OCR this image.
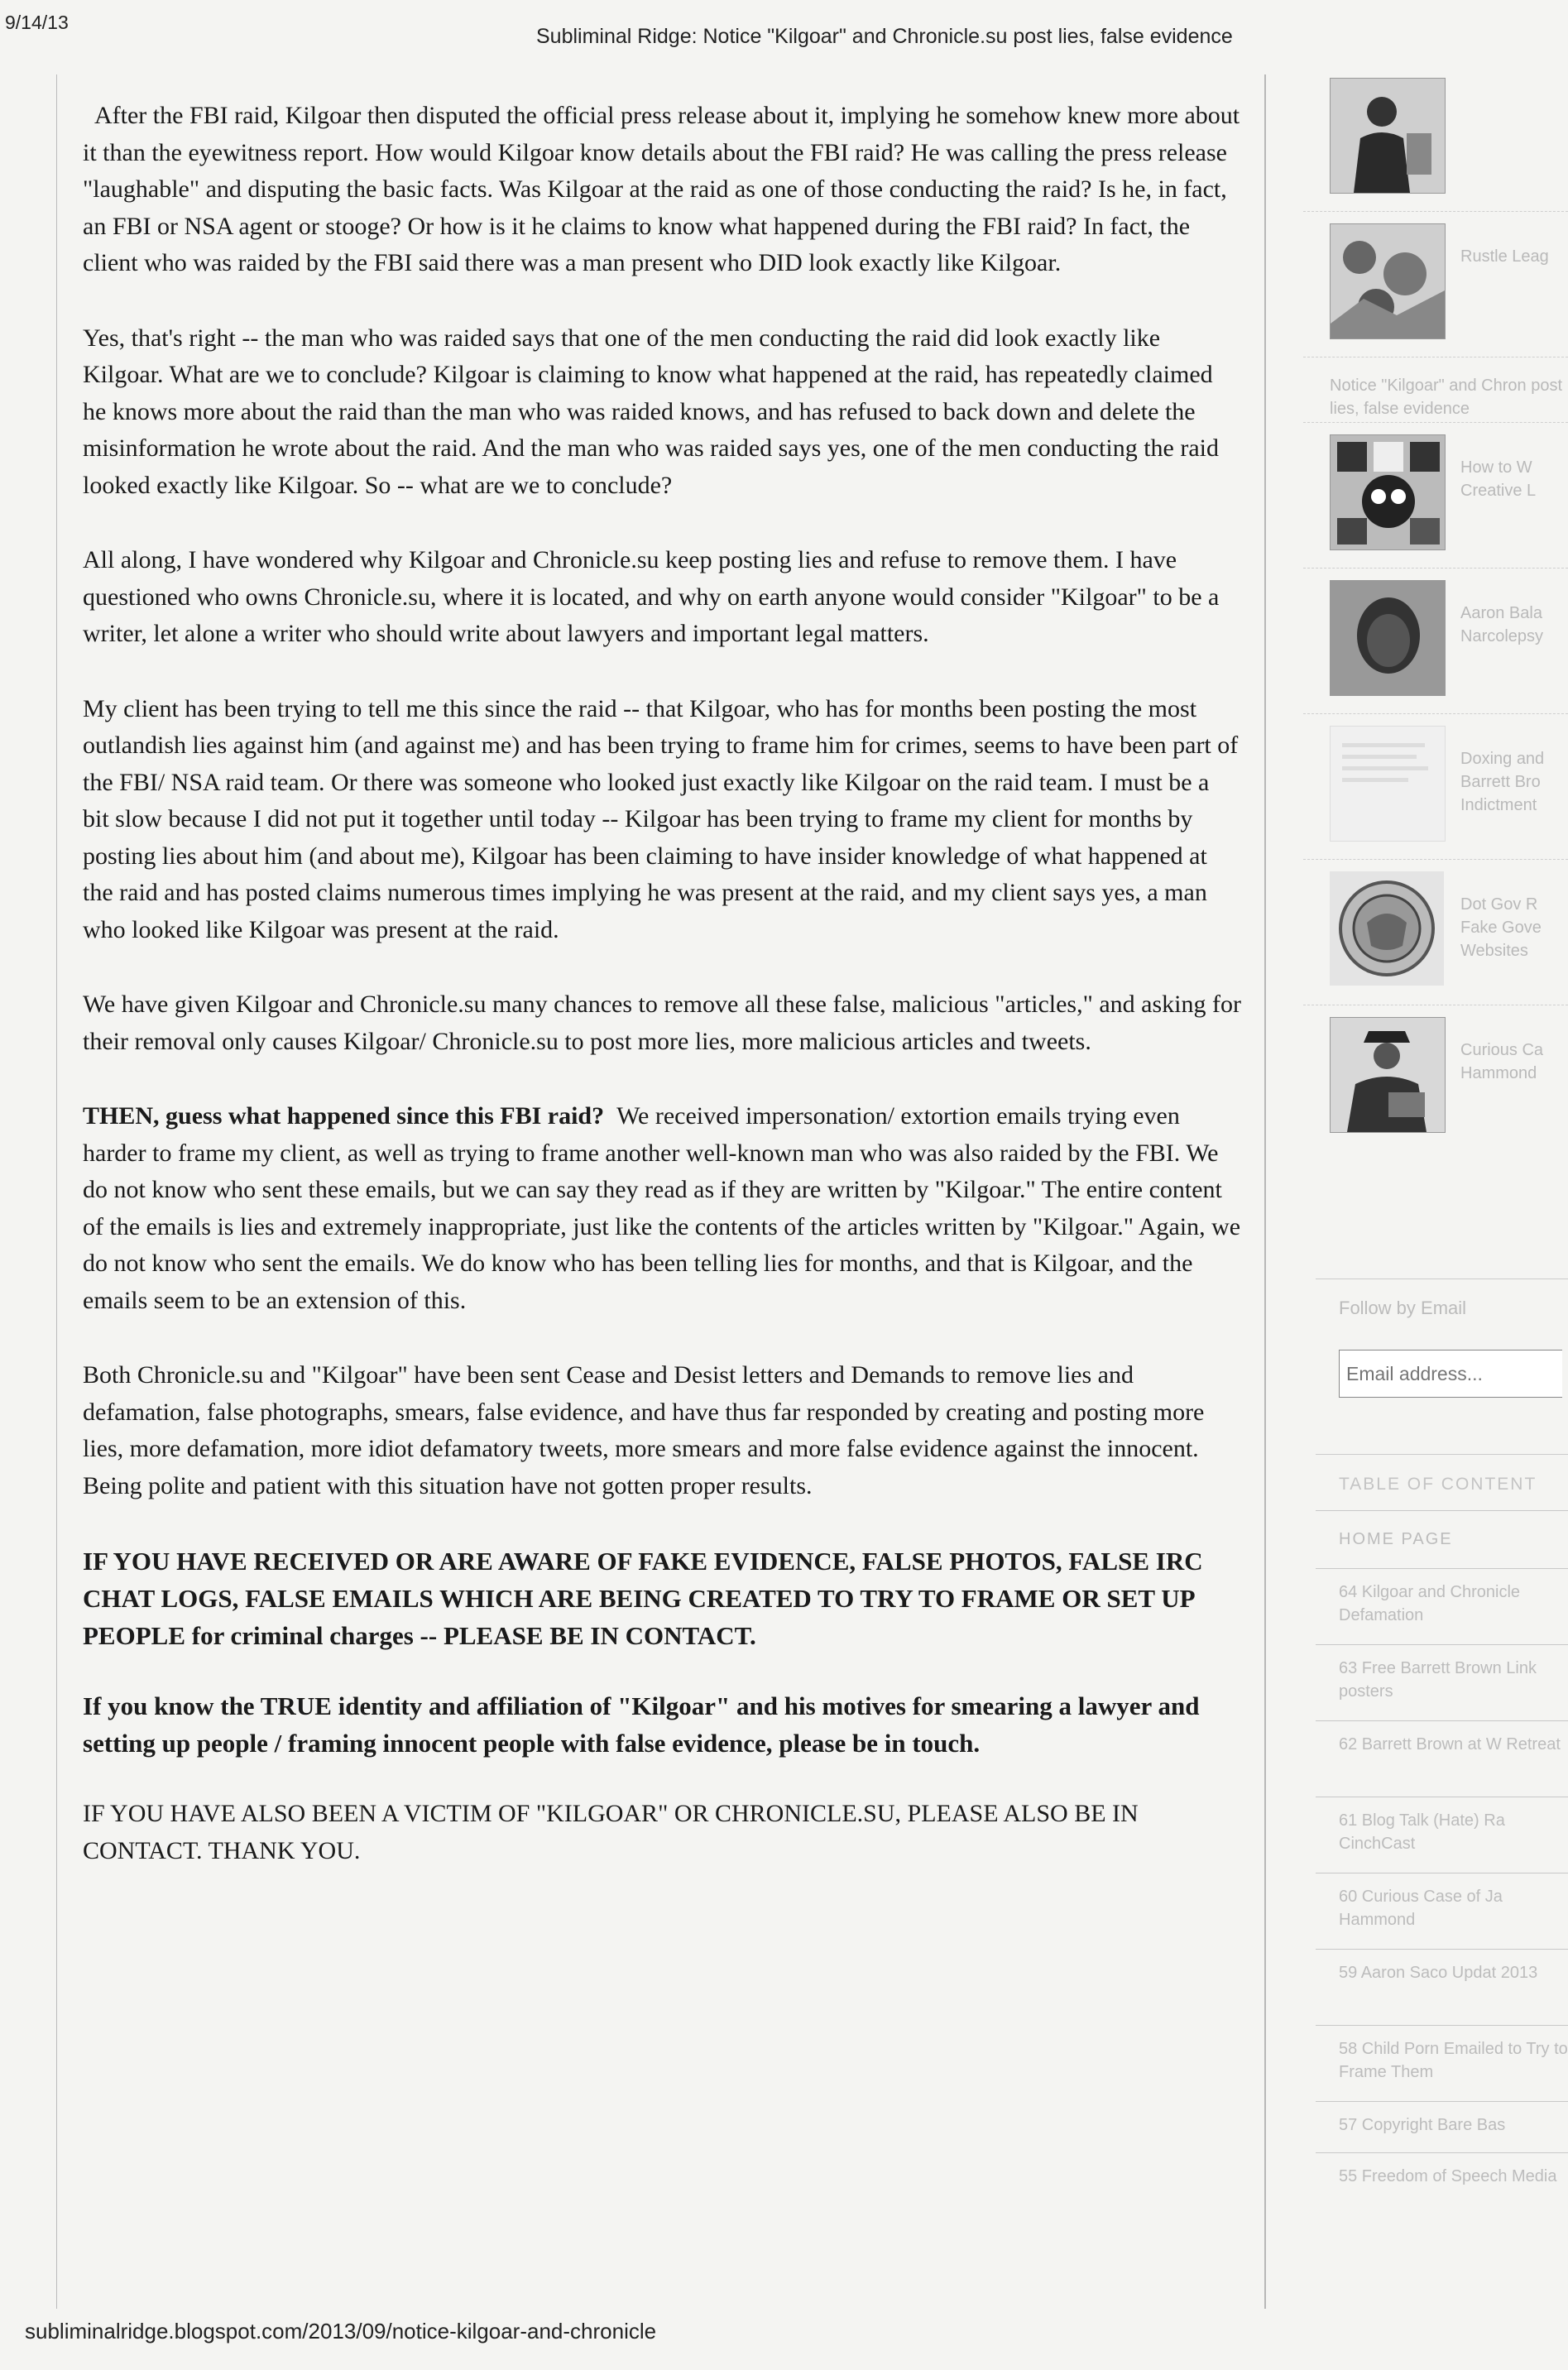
9/14/13
Subliminal Ridge: Notice "Kilgoar" and Chronicle.su post lies, false evidence

After the FBI raid, Kilgoar then disputed the official press release about it, implying he somehow knew more about it than the eyewitness report. How would Kilgoar know details about the FBI raid? He was calling the press release "laughable" and disputing the basic facts. Was Kilgoar at the raid as one of those conducting the raid? Is he, in fact, an FBI or NSA agent or stooge? Or how is it he claims to know what happened during the FBI raid? In fact, the client who was raided by the FBI said there was a man present who DID look exactly like Kilgoar.

Yes, that's right -- the man who was raided says that one of the men conducting the raid did look exactly like Kilgoar. What are we to conclude? Kilgoar is claiming to know what happened at the raid, has repeatedly claimed he knows more about the raid than the man who was raided knows, and has refused to back down and delete the misinformation he wrote about the raid. And the man who was raided says yes, one of the men conducting the raid looked exactly like Kilgoar. So -- what are we to conclude?

All along, I have wondered why Kilgoar and Chronicle.su keep posting lies and refuse to remove them. I have questioned who owns Chronicle.su, where it is located, and why on earth anyone would consider "Kilgoar" to be a writer, let alone a writer who should write about lawyers and important legal matters.

My client has been trying to tell me this since the raid -- that Kilgoar, who has for months been posting the most outlandish lies against him (and against me) and has been trying to frame him for crimes, seems to have been part of the FBI/ NSA raid team. Or there was someone who looked just exactly like Kilgoar on the raid team. I must be a bit slow because I did not put it together until today -- Kilgoar has been trying to frame my client for months by posting lies about him (and about me), Kilgoar has been claiming to have insider knowledge of what happened at the raid and has posted claims numerous times implying he was present at the raid, and my client says yes, a man who looked like Kilgoar was present at the raid.

We have given Kilgoar and Chronicle.su many chances to remove all these false, malicious "articles," and asking for their removal only causes Kilgoar/ Chronicle.su to post more lies, more malicious articles and tweets.

THEN, guess what happened since this FBI raid? We received impersonation/ extortion emails trying even harder to frame my client, as well as trying to frame another well-known man who was also raided by the FBI. We do not know who sent these emails, but we can say they read as if they are written by "Kilgoar." The entire content of the emails is lies and extremely inappropriate, just like the contents of the articles written by "Kilgoar." Again, we do not know who sent the emails. We do know who has been telling lies for months, and that is Kilgoar, and the emails seem to be an extension of this.

Both Chronicle.su and "Kilgoar" have been sent Cease and Desist letters and Demands to remove lies and defamation, false photographs, smears, false evidence, and have thus far responded by creating and posting more lies, more defamation, more idiot defamatory tweets, more smears and more false evidence against the innocent. Being polite and patient with this situation have not gotten proper results.

IF YOU HAVE RECEIVED OR ARE AWARE OF FAKE EVIDENCE, FALSE PHOTOS, FALSE IRC CHAT LOGS, FALSE EMAILS WHICH ARE BEING CREATED TO TRY TO FRAME OR SET UP PEOPLE for criminal charges -- PLEASE BE IN CONTACT.

If you know the TRUE identity and affiliation of "Kilgoar" and his motives for smearing a lawyer and setting up people / framing innocent people with false evidence, please be in touch.

IF YOU HAVE ALSO BEEN A VICTIM OF "KILGOAR" OR CHRONICLE.SU, PLEASE ALSO BE IN CONTACT. THANK YOU.

Rustle Leag
Notice "Kilgoar" and Chron post lies, false evidence
How to W Creative L
Aaron Bala Narcolepsy
Doxing and Barrett Bro Indictment
Dot Gov R Fake Gove Websites
Curious Ca Hammond
Follow by Email
Email address...
TABLE OF CONTENT
HOME PAGE
64 Kilgoar and Chronicle Defamation
63 Free Barrett Brown Link posters
62 Barrett Brown at W Retreat
61 Blog Talk (Hate) Ra CinchCast
60 Curious Case of Ja Hammond
59 Aaron Saco Updat 2013
58 Child Porn Emailed to Try to Frame Them
57 Copyright Bare Bas
55 Freedom of Speech Media
subliminalridge.blogspot.com/2013/09/notice-kilgoar-and-chronicle
